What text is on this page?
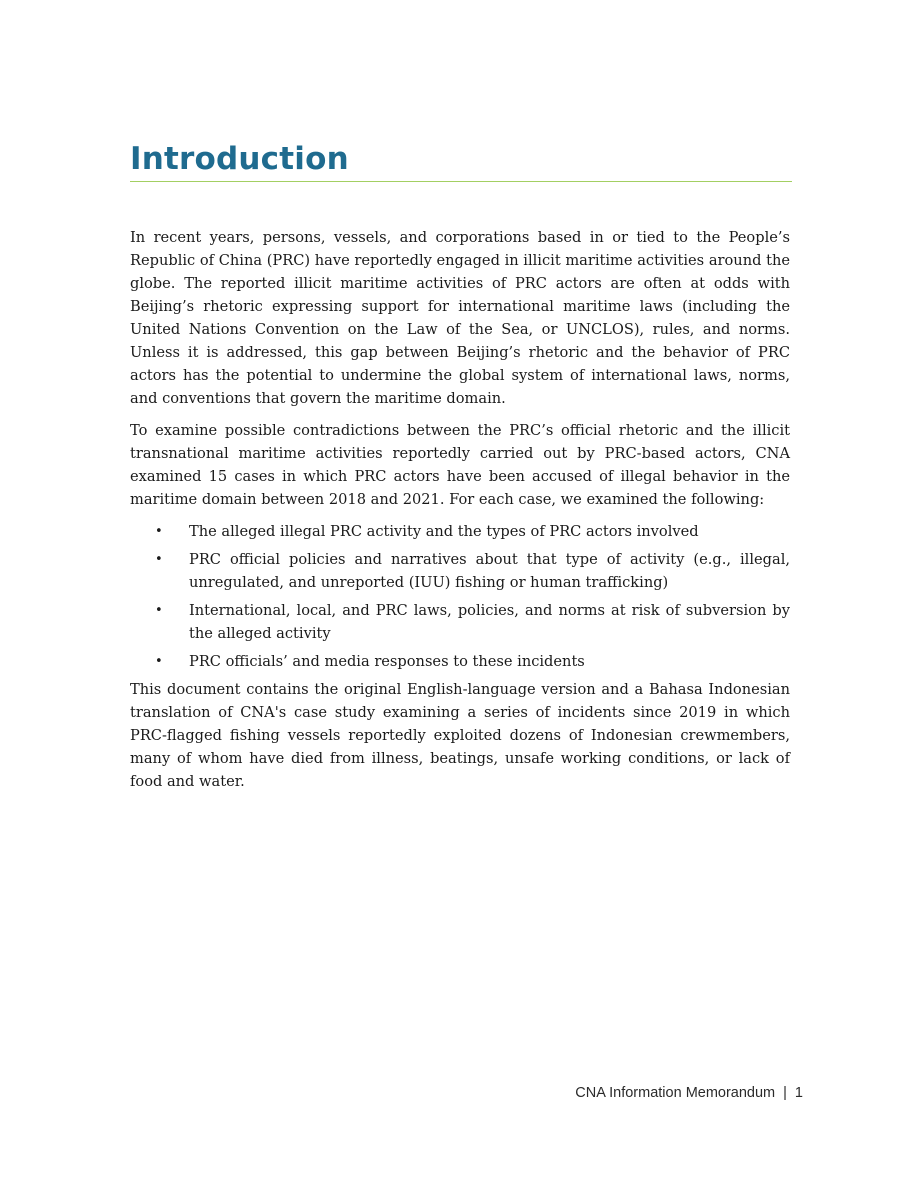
Introduction

In recent years, persons, vessels, and corporations based in or tied to the People’s Republic of China (PRC) have reportedly engaged in illicit maritime activities around the globe. The reported illicit maritime activities of PRC actors are often at odds with Beijing’s rhetoric expressing support for international maritime laws (including the United Nations Convention on the Law of the Sea, or UNCLOS), rules, and norms. Unless it is addressed, this gap between Beijing’s rhetoric and the behavior of PRC actors has the potential to undermine the global system of international laws, norms, and conventions that govern the maritime domain.

To examine possible contradictions between the PRC’s official rhetoric and the illicit transnational maritime activities reportedly carried out by PRC-based actors, CNA examined 15 cases in which PRC actors have been accused of illegal behavior in the maritime domain between 2018 and 2021. For each case, we examined the following:

• The alleged illegal PRC activity and the types of PRC actors involved
• PRC official policies and narratives about that type of activity (e.g., illegal, unregulated, and unreported (IUU) fishing or human trafficking)
• International, local, and PRC laws, policies, and norms at risk of subversion by the alleged activity
• PRC officials’ and media responses to these incidents

This document contains the original English-language version and a Bahasa Indonesian translation of CNA's case study examining a series of incidents since 2019 in which PRC-flagged fishing vessels reportedly exploited dozens of Indonesian crewmembers, many of whom have died from illness, beatings, unsafe working conditions, or lack of food and water.

CNA Information Memorandum | 1
